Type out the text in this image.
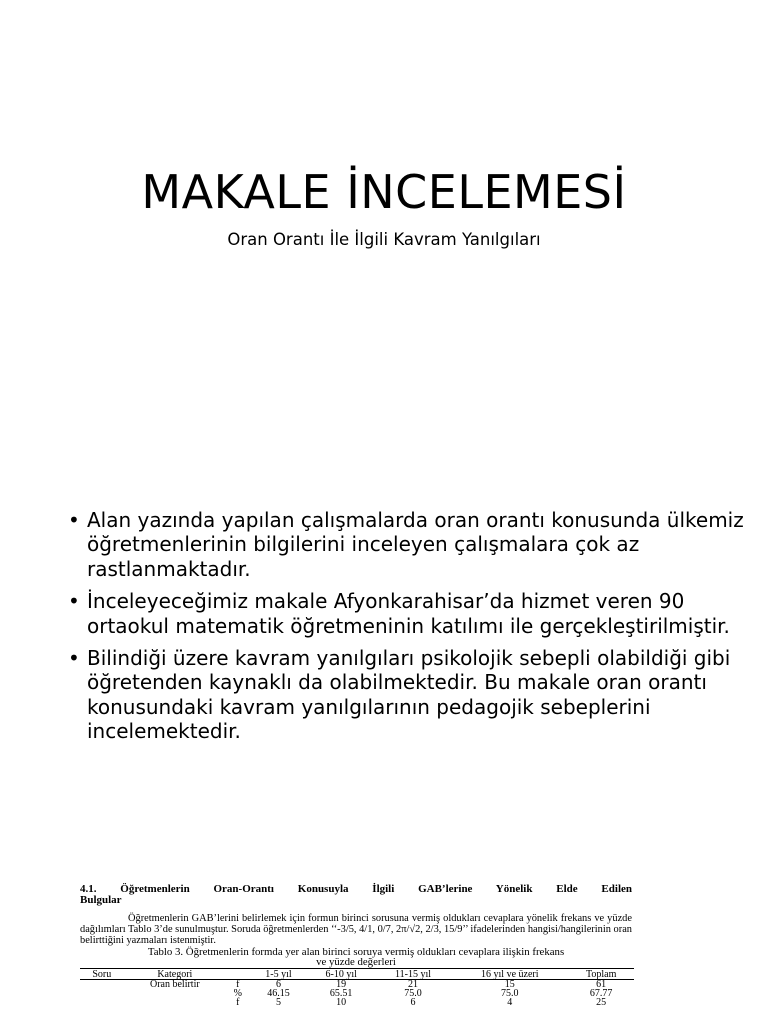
MAKALE İNCELEMESİ
Oran Orantı İle İlgili Kavram Yanılgıları
• Alan yazında yapılan çalışmalarda oran orantı konusunda ülkemiz öğretmenlerinin bilgilerini inceleyen çalışmalara çok az rastlanmaktadır.
• İnceleyeceğimiz makale Afyonkarahisar’da hizmet veren 90 ortaokul matematik öğretmeninin katılımı ile gerçekleştirilmiştir.
• Bilindiği üzere kavram yanılgıları psikolojik sebepli olabildiği gibi öğretenden kaynaklı da olabilmektedir. Bu makale oran orantı konusundaki kavram yanılgılarının pedagojik sebeplerini incelemektedir.
4.1. Öğretmenlerin Oran-Orantı Konusuyla İlgili GAB’lerine Yönelik Elde Edilen
Bulgular
Öğretmenlerin GAB’lerini belirlemek için formun birinci sorusuna vermiş oldukları cevaplara yönelik frekans ve yüzde dağılımları Tablo 3’de sunulmuştur. Soruda öğretmenlerden ‘‘-3/5, 4/1, 0/7, 2π/√2, 2/3, 15/9’’ ifadelerinden hangisi/hangilerinin oran belirttiğini yazmaları istenmiştir.
Tablo 3. Öğretmenlerin formda yer alan birinci soruya vermiş oldukları cevaplara ilişkin frekans
ve yüzde değerleri
Soru	Kategori		1-5 yıl	6-10 yıl	11-15 yıl	16 yıl ve üzeri	Toplam
	Oran belirtir	f	6	19	21	15	61
		%	46.15	65.51	75.0	75.0	67.77
		f	5	10	6	4	25
